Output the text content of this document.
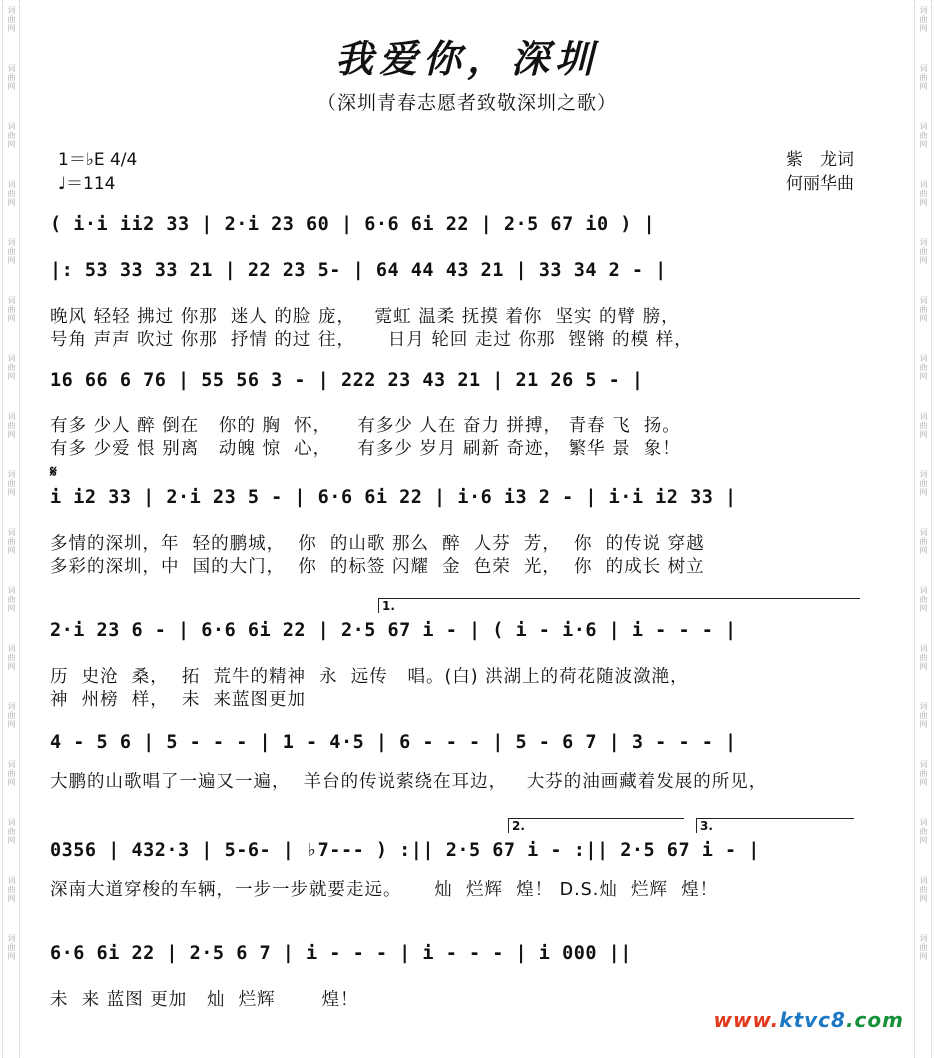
词曲网
词曲网
词曲网
词曲网
词曲网
词曲网
词曲网
词曲网
词曲网
词曲网
词曲网
词曲网
词曲网
词曲网
词曲网
词曲网
词曲网
词曲网
词曲网
词曲网
词曲网
词曲网
词曲网
词曲网
词曲网
词曲网
词曲网
词曲网
词曲网
词曲网
词曲网
词曲网
词曲网
词曲网
我爱你，深圳
（深圳青春志愿者致敬深圳之歌）
1＝♭E 4/4
♩＝114
紫　龙词
何丽华曲
( i·i ii2 33 | 2·i 23 60 | 6·6 6i 22 | 2·5 67 i0 ) |
|: 53 33 33 21 | 22 23 5- | 64 44 43 21 | 33 34 2 - |
晚风 轻轻 拂过 你那  迷人 的脸 庞，   霓虹 温柔 抚摸 着你  坚实 的臂 膀，
号角 声声 吹过 你那  抒情 的过 往，     日月 轮回 走过 你那  铿锵 的模 样，
16 66 6 76 | 55 56 3 - | 222 23 43 21 | 21 26 5 - |
有多 少人 醉 倒在   你的 胸  怀，    有多少 人在 奋力 拼搏， 青春 飞  扬。
有多 少爱 恨 别离   动魄 惊  心，    有多少 岁月 刷新 奇迹， 繁华 景  象！
𝄋
i i2 33 | 2·i 23 5 - | 6·6 6i 22 | i·6 i3 2 - | i·i i2 33 |
多情的深圳，年  轻的鹏城，  你  的山歌 那么  醉  人芬  芳，  你  的传说 穿越
多彩的深圳，中  国的大门，  你  的标签 闪耀  金  色荣  光，  你  的成长 树立
1.
2·i 23 6 - | 6·6 6i 22 | 2·5 67 i - | ( i - i·6 | i - - - |
历  史沧  桑，  拓  荒牛的精神  永  远传   唱。(白) 洪湖上的荷花随波潋滟，
神  州榜  样，  未  来蓝图更加
4 - 5 6 | 5 - - - | 1 - 4·5 | 6 - - - | 5 - 6 7 | 3 - - - |
大鹏的山歌唱了一遍又一遍，  羊台的传说萦绕在耳边，   大芬的油画藏着发展的所见，
2.	3.
0356 | 432·3 | 5-6- | ♭7--- ) :|| 2·5 67 i - :|| 2·5 67 i - |
深南大道穿梭的车辆，一步一步就要走远。     灿  烂辉  煌！ D.S.灿  烂辉  煌！
6·6 6i 22 | 2·5 6 7 | i - - - | i - - - | i 000 ||
未  来 蓝图 更加   灿  烂辉       煌！
www.ktvc8.com
